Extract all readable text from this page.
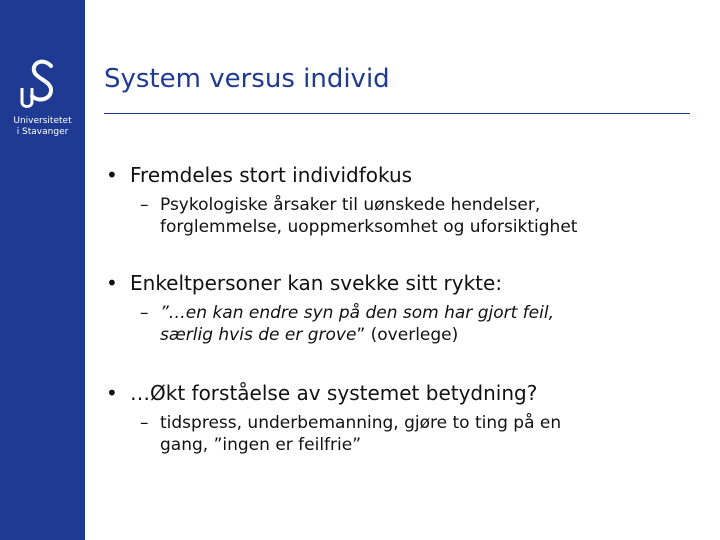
Universitetet
i Stavanger
System versus individ
• Fremdeles stort individfokus
– Psykologiske årsaker til uønskede hendelser,
forglemmelse, uoppmerksomhet og uforsiktighet
• Enkeltpersoner kan svekke sitt rykte:
– ”…en kan endre syn på den som har gjort feil,
særlig hvis de er grove” (overlege)
• …Økt forståelse av systemet betydning?
– tidspress, underbemanning, gjøre to ting på en
gang, ”ingen er feilfrie”
